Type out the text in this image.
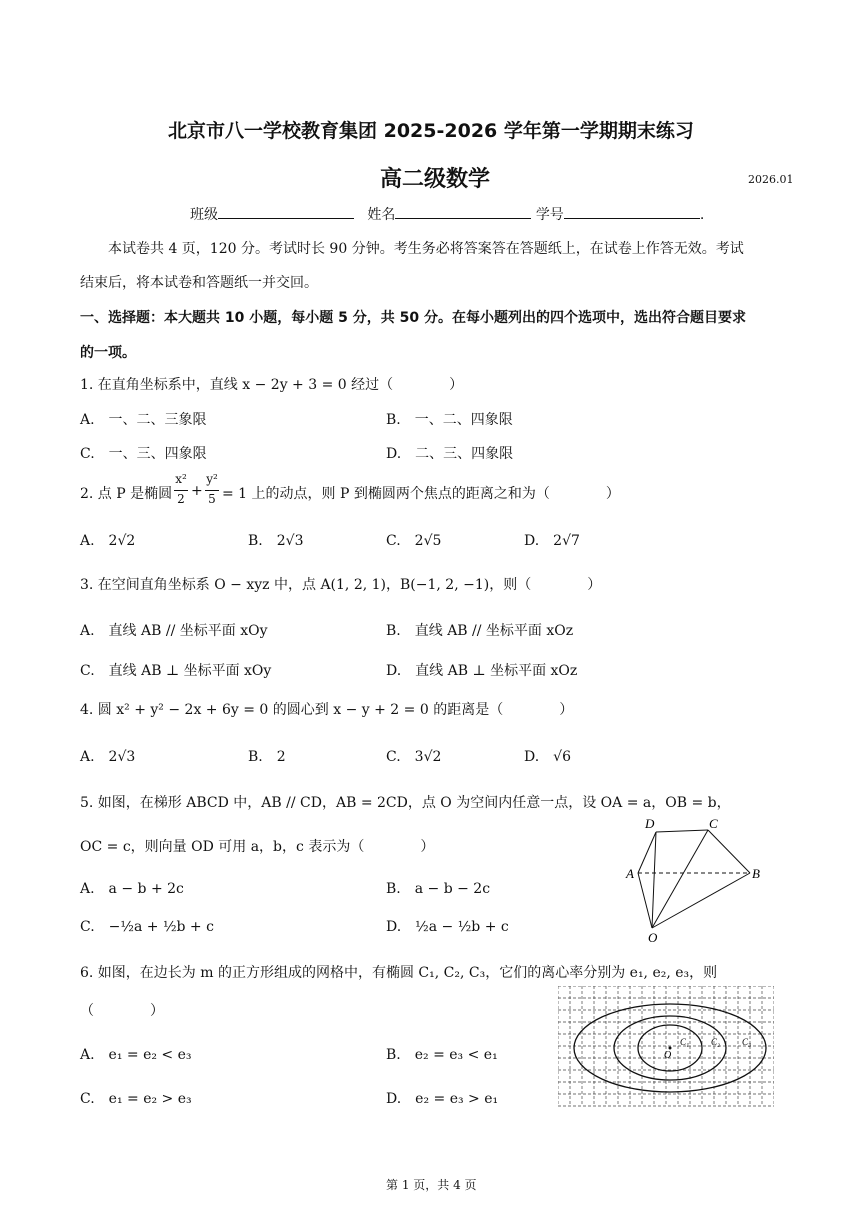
北京市八一学校教育集团 2025-2026 学年第一学期期末练习
高二级数学	2026.01
班级	姓名	学号	.
本试卷共 4 页，120 分。考试时长 90 分钟。考生务必将答案答在答题纸上，在试卷上作答无效。考试
结束后，将本试卷和答题纸一并交回。
一、选择题：本大题共 10 小题，每小题 5 分，共 50 分。在每小题列出的四个选项中，选出符合题目要求
的一项。
1. 在直角坐标系中，直线 x − 2y + 3 = 0 经过（　　　　）
A.　一、二、三象限	B.　一、二、四象限
C.　一、三、四象限	D.　二、三、四象限
2. 点 P 是椭圆
x²
2 +
y²
5 = 1 上的动点，则 P 到椭圆两个焦点的距离之和为（　　　　）
A.　2√2	B.　2√3	C.　2√5	D.　2√7
3. 在空间直角坐标系 O − xyz 中，点 A(1, 2, 1)，B(−1, 2, −1)，则（　　　　）
A.　直线 AB // 坐标平面 xOy	B.　直线 AB // 坐标平面 xOz
C.　直线 AB ⊥ 坐标平面 xOy	D.　直线 AB ⊥ 坐标平面 xOz
4. 圆 x² + y² − 2x + 6y = 0 的圆心到 x − y + 2 = 0 的距离是（　　　　）
A.　2√3	B.　2	C.　3√2	D.　√6
5. 如图，在梯形 ABCD 中，AB // CD，AB = 2CD，点 O 为空间内任意一点，设 OA = a，OB = b，
OC = c，则向量 OD 可用 a，b，c 表示为（　　　　）
A.　a − b + 2c	B.　a − b − 2c
C.　−½a + ½b + c	D.　½a − ½b + c
D	C
A	B
O
6. 如图，在边长为 m 的正方形组成的网格中，有椭圆 C₁, C₂, C₃，它们的离心率分别为 e₁, e₂, e₃，则
（　　　　）
A.　e₁ = e₂ < e₃	B.　e₂ = e₃ < e₁
C.　e₁ = e₂ > e₃	D.　e₂ = e₃ > e₁
O
C₁ C₂ C₃
第 1 页，共 4 页
